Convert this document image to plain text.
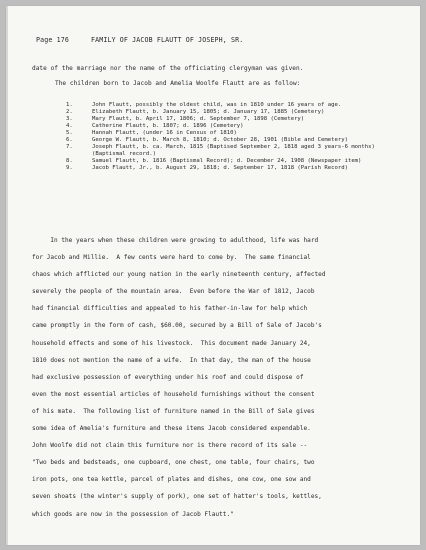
Page 176	FAMILY OF JACOB FLAUTT OF JOSEPH, SR.
date of the marriage nor the name of the officiating clergyman was given.
The children born to Jacob and Amelia Woolfe Flautt are as follow:
1.	John Flautt, possibly the oldest child, was in 1810 under 16 years of age.
2.	Elizabeth Flautt, b. January 15, 1805; d. January 17, 1885 (Cemetery)
3.	Mary Flautt, b. April 17, 1806; d. September 7, 1898 (Cemetery)
4.	Catherine Flautt, b. 1807; d. 1896 (Cemetery)
5.	Hannah Flautt, (under 16 in Census of 1810)
6.	George W. Flautt, b. March 8, 1810; d. October 28, 1901 (Bible and Cemetery)
7.	Joseph Flautt, b. ca. March, 1815 (Baptised September 2, 1818 aged 3 years-6 months)(Baptismal record.)
8.	Samuel Flautt, b. 1816 (Baptismal Record); d. December 24, 1908 (Newspaper item)
9.	Jacob Flautt, Jr., b. August 29, 1818; d. September 17, 1818 (Parish Record)
In the years when these children were growing to adulthood, life was hard
for Jacob and Millie.  A few cents were hard to come by.  The same financial
chaos which afflicted our young nation in the early nineteenth century, affected
severely the people of the mountain area.  Even before the War of 1812, Jacob
had financial difficulties and appealed to his father-in-law for help which
came promptly in the form of cash, $60.00, secured by a Bill of Sale of Jacob's
household effects and some of his livestock.  This document made January 24,
1810 does not mention the name of a wife.  In that day, the man of the house
had exclusive possession of everything under his roof and could dispose of
even the most essential articles of household furnishings without the consent
of his mate.  The following list of furniture named in the Bill of Sale gives
some idea of Amelia's furniture and these items Jacob considered expendable.
John Woolfe did not claim this furniture nor is there record of its sale --
"Two beds and bedsteads, one cupboard, one chest, one table, four chairs, two
iron pots, one tea kettle, parcel of plates and dishes, one cow, one sow and
seven shoats (the winter's supply of pork), one set of hatter's tools, kettles,
which goods are now in the possession of Jacob Flautt."
